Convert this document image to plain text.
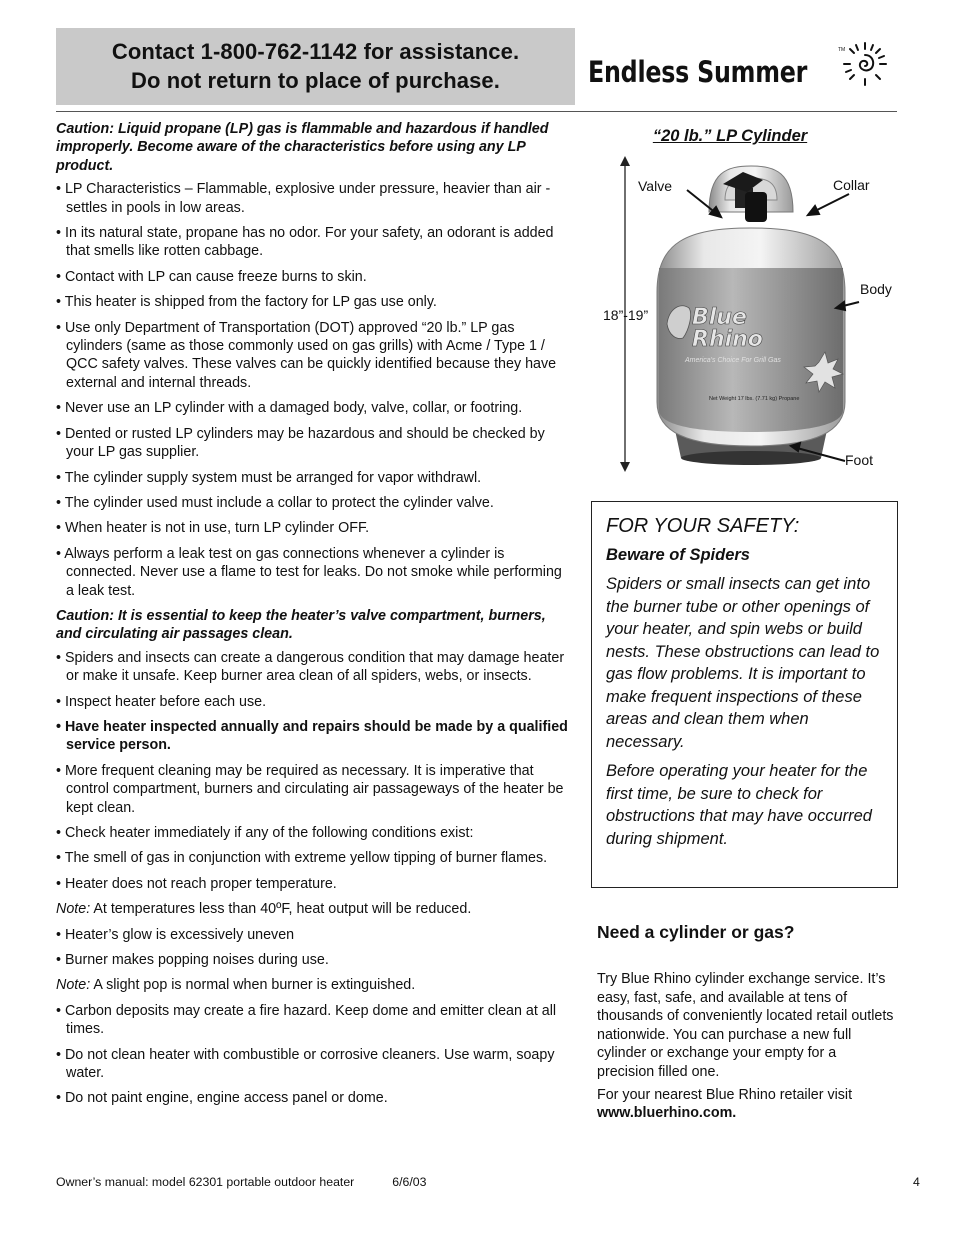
Contact 1-800-762-1142 for assistance.
Do not return to place of purchase.	Endless Summer
TM

Caution: Liquid propane (LP) gas is flammable and hazardous if handled improperly. Become aware of the characteristics before using any LP product.

• LP Characteristics – Flammable, explosive under pressure, heavier than air - settles in pools in low areas.

• In its natural state, propane has no odor. For your safety, an odorant is added that smells like rotten cabbage.

• Contact with LP can cause freeze burns to skin.

• This heater is shipped from the factory for LP gas use only.

• Use only Department of Transportation (DOT) approved “20 lb.” LP gas cylinders (same as those commonly used on gas grills) with Acme / Type 1 / QCC safety valves. These valves can be quickly identified because they have external and internal threads.

• Never use an LP cylinder with a damaged body, valve, collar, or footring.

• Dented or rusted LP cylinders may be hazardous and should be checked by your LP gas supplier.

• The cylinder supply system must be arranged for vapor withdrawl.

• The cylinder used must include a collar to protect the cylinder valve.

• When heater is not in use, turn LP cylinder OFF.

• Always perform a leak test on gas connections whenever a cylinder is connected. Never use a flame to test for leaks. Do not smoke while performing a leak test.

Caution: It is essential to keep the heater’s valve compartment, burners, and circulating air passages clean.

• Spiders and insects can create a dangerous condition that may damage heater or make it unsafe. Keep burner area clean of all spiders, webs, or insects.

• Inspect heater before each use.

• Have heater inspected annually and repairs should be made by a qualified service person.

• More frequent cleaning may be required as necessary. It is imperative that control compartment, burners and circulating air passageways of the heater be kept clean.

• Check heater immediately if any of the following conditions exist:

• The smell of gas in conjunction with extreme yellow tipping of burner flames.

• Heater does not reach proper temperature.

Note: At temperatures less than 40ºF, heat output will be reduced.

• Heater’s glow is excessively uneven

• Burner makes popping noises during use.

Note: A slight pop is normal when burner is extinguished.

• Carbon deposits may create a fire hazard. Keep dome and emitter clean at all times.

• Do not clean heater with combustible or corrosive cleaners. Use warm, soapy water.

• Do not paint engine, engine access panel or dome.

“20 lb.” LP Cylinder
Blue
Rhino
America's Choice For Grill Gas
Net Weight 17 lbs. (7.71 kg) Propane
Valve	Collar
Body
18”-19”
Foot
FOR YOUR SAFETY:
Beware of Spiders

Spiders or small insects can get into the burner tube or other openings of your heater, and spin webs or build nests. These obstructions can lead to gas flow problems. It is important to make frequent inspections of these areas and clean them when necessary.

Before operating your heater for the first time, be sure to check for obstructions that may have occurred during shipment.

Need a cylinder or gas?

Try Blue Rhino cylinder exchange service. It’s easy, fast, safe, and available at tens of thousands of conveniently located retail outlets nationwide. You can purchase a new full cylinder or exchange your empty for a precision filled one.

For your nearest Blue Rhino retailer visit
www.bluerhino.com.

Owner’s manual: model 62301 portable outdoor heater	6/6/03	4
